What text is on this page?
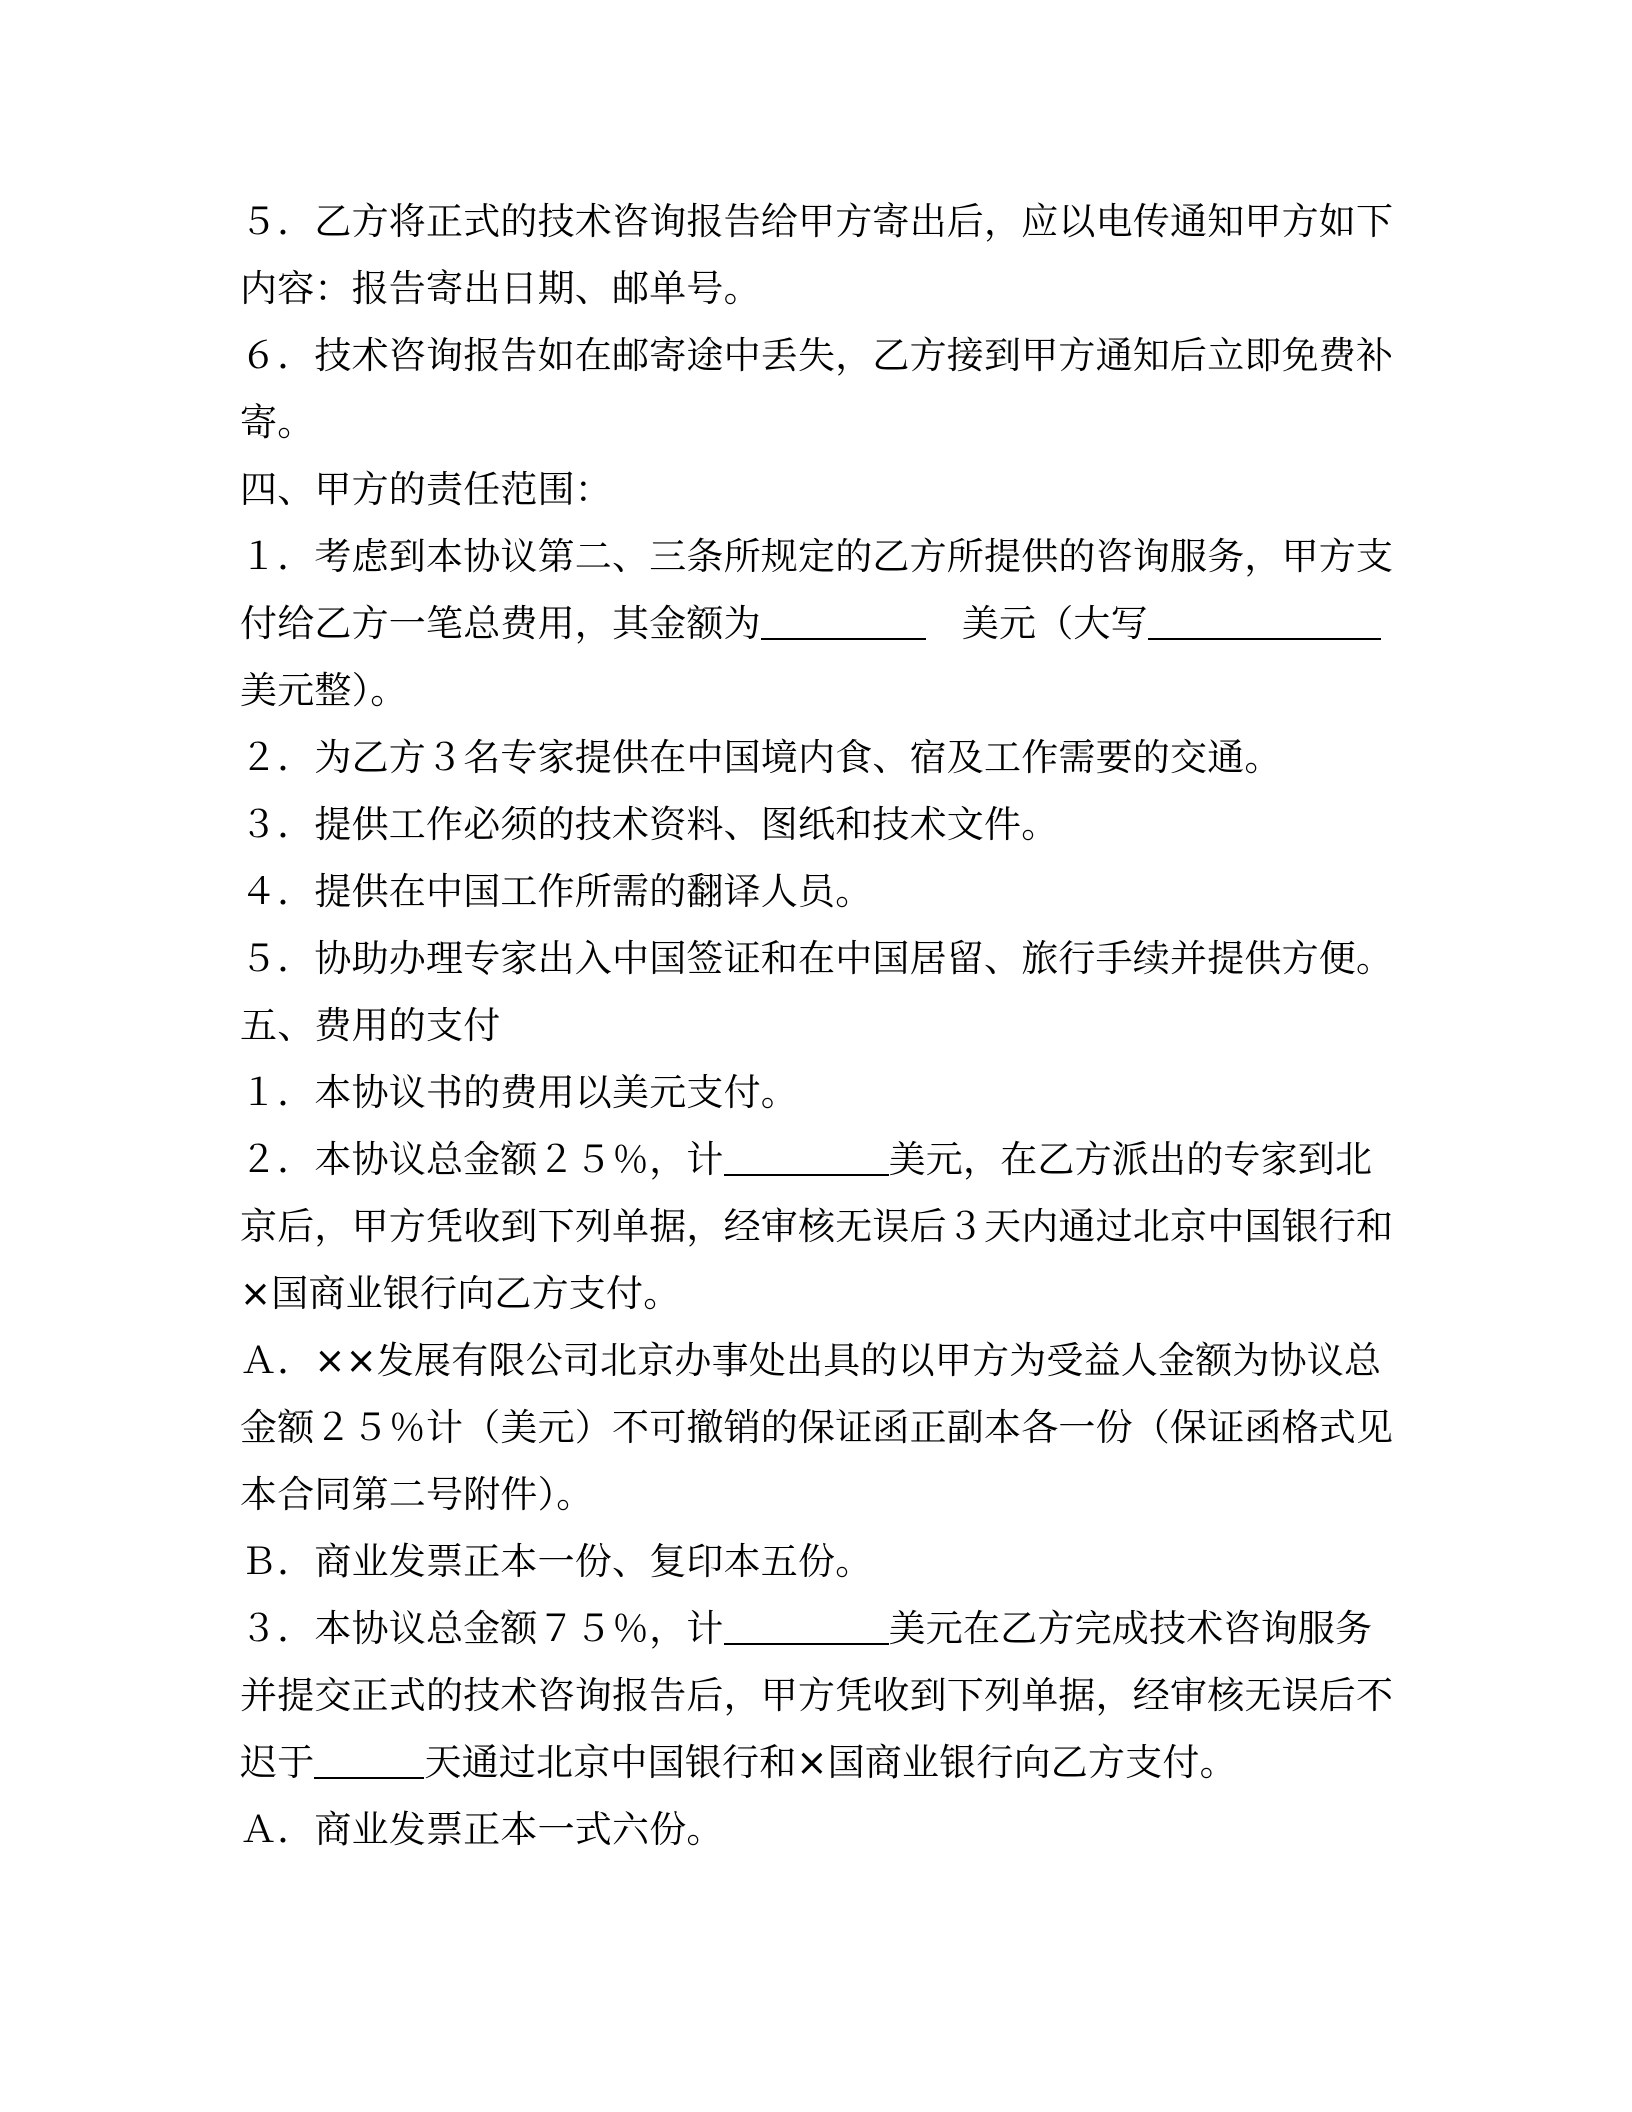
５．乙方将正式的技术咨询报告给甲方寄出后，应以电传通知甲方如下
内容：报告寄出日期、邮单号。
６．技术咨询报告如在邮寄途中丢失，乙方接到甲方通知后立即免费补
寄。
四、甲方的责任范围：
１．考虑到本协议第二、三条所规定的乙方所提供的咨询服务，甲方支
付给乙方一笔总费用，其金额为	美元（大写
美元整）。
２．为乙方３名专家提供在中国境内食、宿及工作需要的交通。
３．提供工作必须的技术资料、图纸和技术文件。
４．提供在中国工作所需的翻译人员。
５．协助办理专家出入中国签证和在中国居留、旅行手续并提供方便。
五、费用的支付
１．本协议书的费用以美元支付。
２．本协议总金额２５％，计	美元，在乙方派出的专家到北
京后，甲方凭收到下列单据，经审核无误后３天内通过北京中国银行和
×国商业银行向乙方支付。
Ａ．××发展有限公司北京办事处出具的以甲方为受益人金额为协议总
金额２５％计（美元）不可撤销的保证函正副本各一份（保证函格式见
本合同第二号附件）。
Ｂ．商业发票正本一份、复印本五份。
３．本协议总金额７５％，计	美元在乙方完成技术咨询服务
并提交正式的技术咨询报告后，甲方凭收到下列单据，经审核无误后不
迟于	天通过北京中国银行和×国商业银行向乙方支付。
Ａ．商业发票正本一式六份。
